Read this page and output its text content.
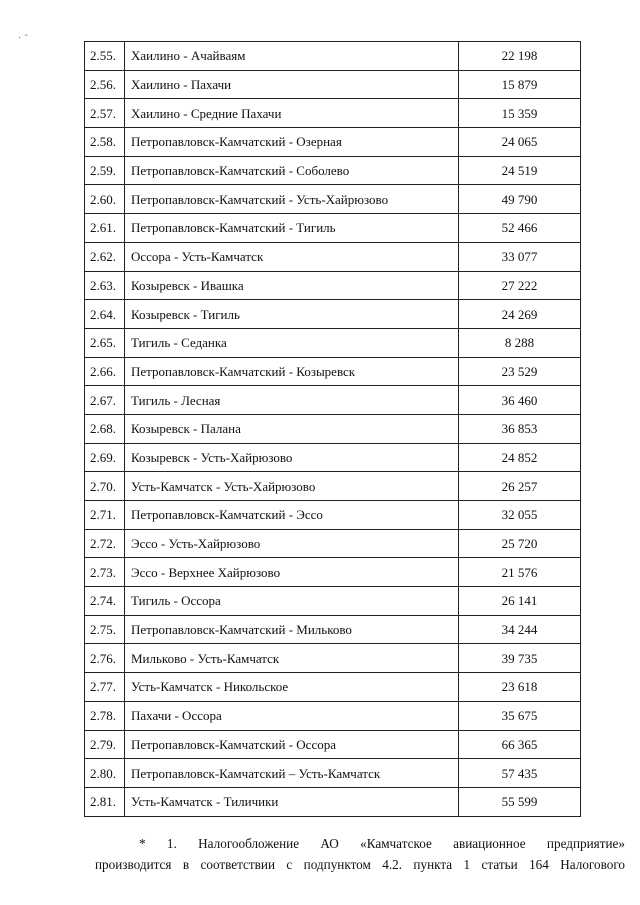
. -
2.55.	Хаилино - Ачайваям	22 198
2.56.	Хаилино - Пахачи	15 879
2.57.	Хаилино - Средние Пахачи	15 359
2.58.	Петропавловск-Камчатский - Озерная	24 065
2.59.	Петропавловск-Камчатский - Соболево	24 519
2.60.	Петропавловск-Камчатский - Усть-Хайрюзово	49 790
2.61.	Петропавловск-Камчатский - Тигиль	52 466
2.62.	Оссора - Усть-Камчатск	33 077
2.63.	Козыревск - Ивашка	27 222
2.64.	Козыревск - Тигиль	24 269
2.65.	Тигиль - Седанка	8 288
2.66.	Петропавловск-Камчатский - Козыревск	23 529
2.67.	Тигиль - Лесная	36 460
2.68.	Козыревск - Палана	36 853
2.69.	Козыревск - Усть-Хайрюзово	24 852
2.70.	Усть-Камчатск - Усть-Хайрюзово	26 257
2.71.	Петропавловск-Камчатский - Эссо	32 055
2.72.	Эссо - Усть-Хайрюзово	25 720
2.73.	Эссо - Верхнее Хайрюзово	21 576
2.74.	Тигиль - Оссора	26 141
2.75.	Петропавловск-Камчатский - Мильково	34 244
2.76.	Мильково - Усть-Камчатск	39 735
2.77.	Усть-Камчатск - Никольское	23 618
2.78.	Пахачи - Оссора	35 675
2.79.	Петропавловск-Камчатский - Оссора	66 365
2.80.	Петропавловск-Камчатский – Усть-Камчатск	57 435
2.81.	Усть-Камчатск - Тиличики	55 599

* 1. Налогообложение АО «Камчатское авиационное предприятие»

производится в соответствии с подпунктом 4.2. пункта 1 статьи 164 Налогового
